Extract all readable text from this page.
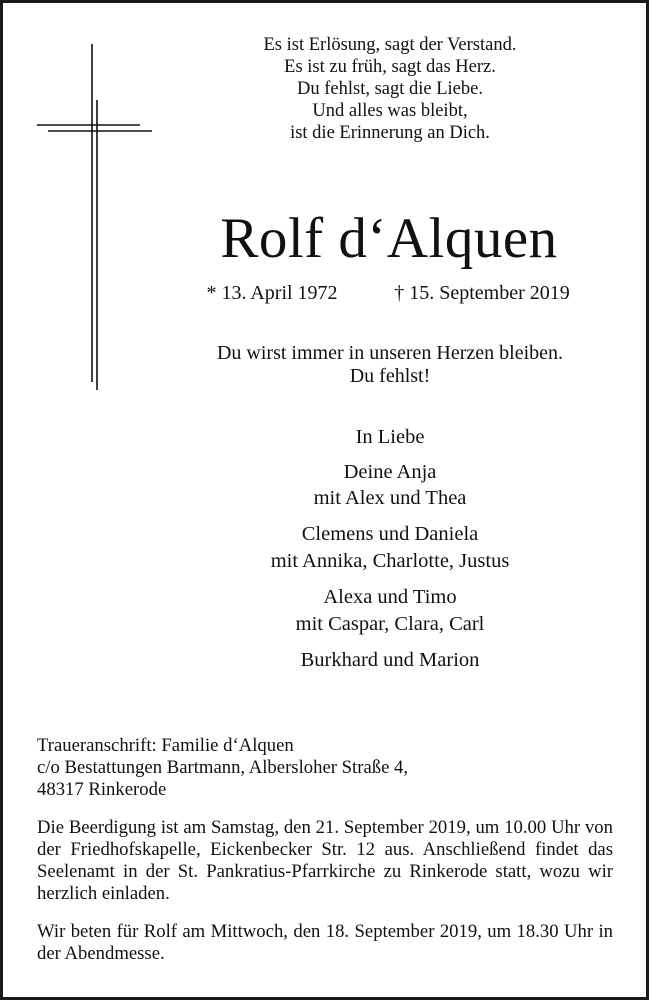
Es ist Erlösung, sagt der Verstand.
Es ist zu früh, sagt das Herz.
Du fehlst, sagt die Liebe.
Und alles was bleibt,
ist die Erinnerung an Dich.
Rolf d‘Alquen
* 13. April 1972	† 15. September 2019
Du wirst immer in unseren Herzen bleiben.
Du fehlst!
In Liebe
Deine Anja
mit Alex und Thea
Clemens und Daniela
mit Annika, Charlotte, Justus
Alexa und Timo
mit Caspar, Clara, Carl
Burkhard und Marion

Traueranschrift: Familie d‘Alquen
c/o Bestattungen Bartmann, Albersloher Straße 4,
48317 Rinkerode

Die Beerdigung ist am Samstag, den 21. September 2019, um 10.00 Uhr von der Friedhofskapelle, Eickenbecker Str. 12 aus. Anschließend findet das Seelenamt in der St. Pankratius-Pfarrkirche zu Rinkerode statt, wozu wir herzlich einladen.

Wir beten für Rolf am Mittwoch, den 18. September 2019, um 18.30 Uhr in der Abendmesse.
